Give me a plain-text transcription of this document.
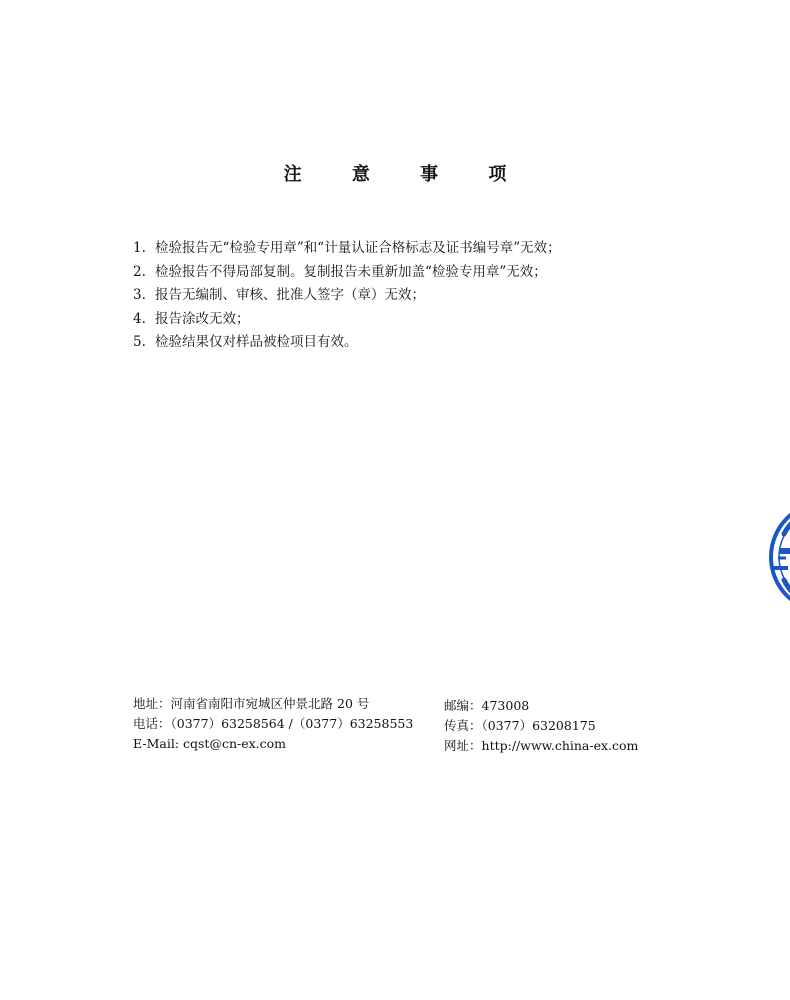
注 意 事 项
1. 检验报告无“检验专用章”和“计量认证合格标志及证书编号章”无效；
2. 检验报告不得局部复制。复制报告未重新加盖“检验专用章”无效；
3. 报告无编制、审核、批准人签字（章）无效；
4. 报告涂改无效；
5. 检验结果仅对样品被检项目有效。
地址：河南省南阳市宛城区仲景北路 20 号
电话：（0377）63258564 /（0377）63258553
E-Mail: cqst@cn-ex.com
邮编：473008
传真：（0377）63208175
网址：http://www.china-ex.com
